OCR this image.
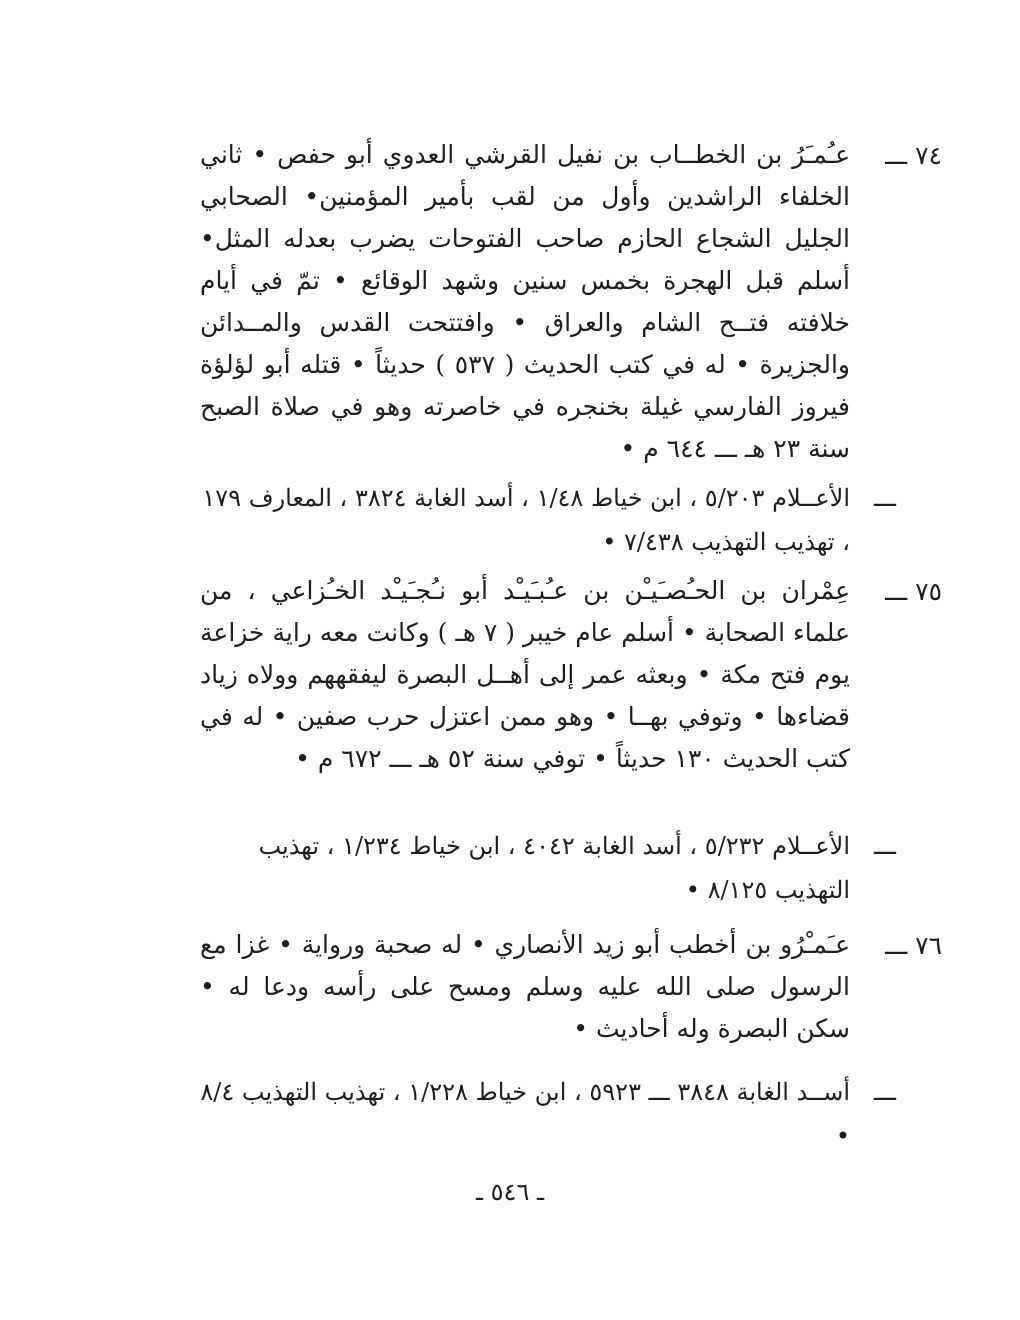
٧٤ ـــ

عـُمـَرُ بن الخطــاب بن نفيل القرشي العدوي أبو حفص • ثاني الخلفاء الراشدين وأول من لقب بأمير المؤمنين• الصحابي الجليل الشجاع الحازم صاحب الفتوحات يضرب بعدله المثل• أسلم قبل الهجرة بخمس سنين وشهد الوقائع • تمّ في أيام خلافته فتــح الشام والعراق • وافتتحت القدس والمــدائن والجزيرة • له في كتب الحديث ( ٥٣٧ ) حديثاً • قتله أبو لؤلؤة فيروز الفارسي غيلة بخنجره في خاصرته وهو في صلاة الصبح سنة ٢٣ هـ ـــ ٦٤٤ م •

ـــ

الأعــلام ٥/٢٠٣ ، ابن خياط ١/٤٨ ، أسد الغابة ٣٨٢٤ ، المعارف ١٧٩ ، تهذيب التهذيب ٧/٤٣٨ •

٧٥ ـــ

عِمْران بن الحـُصـَيـْن بن عـُبـَيـْد أبو نـُجـَيـْد الخـُزاعي ، من علماء الصحابة • أسلم عام خيبر ( ٧ هـ ) وكانت معه راية خزاعة يوم فتح مكة • وبعثه عمر إلى أهــل البصرة ليفقههم وولاه زياد قضاءها • وتوفي بهــا • وهو ممن اعتزل حرب صفين • له في كتب الحديث ١٣٠ حديثاً • توفي سنة ٥٢ هـ ـــ ٦٧٢ م •

ـــ

الأعــلام ٥/٢٣٢ ، أسد الغابة ٤٠٤٢ ، ابن خياط ١/٢٣٤ ، تهذيب التهذيب ٨/١٢٥ •

٧٦ ـــ

عـَمـْرُو بن أخطب أبو زيد الأنصاري • له صحبة ورواية • غزا مع الرسول صلى الله عليه وسلم ومسح على رأسه ودعا له • سكن البصرة وله أحاديث •

ـــ

أســد الغابة ٣٨٤٨ ـــ ٥٩٢٣ ، ابن خياط ١/٢٢٨ ، تهذيب التهذيب ٨/٤ •

ـ ٥٤٦ ـ
